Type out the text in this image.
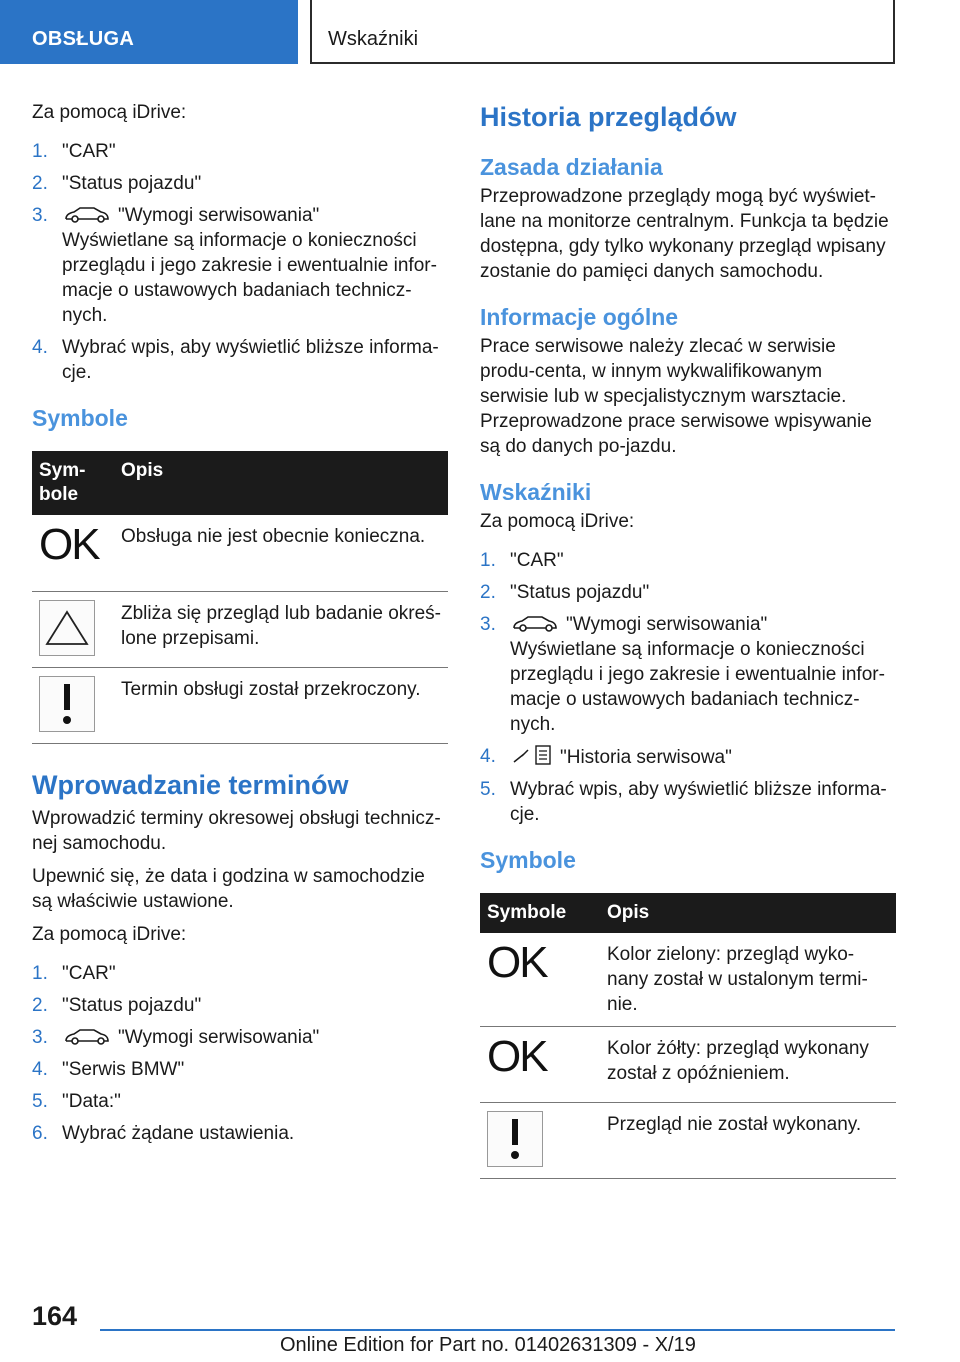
OBSŁUGA	Wskaźniki

Za pomocą iDrive:

1. "CAR"
2. "Status pojazdu"
3.	"Wymogi serwisowania"
Wyświetlane są informacje o konieczności przeglądu i jego zakresie i ewentualnie infor-macje o ustawowych badaniach technicz-nych.
4. Wybrać wpis, aby wyświetlić bliższe informa-cje.
Symbole
Sym-bole	Opis

OK	Obsługa nie jest obecnie konieczna.

	Zbliża się przegląd lub badanie okreś-lone przepisami.

	Termin obsługi został przekroczony.
Wprowadzanie terminów

Wprowadzić terminy okresowej obsługi technicz-nej samochodu.

Upewnić się, że data i godzina w samochodzie są właściwie ustawione.

Za pomocą iDrive:

1. "CAR"
2. "Status pojazdu"
3.	"Wymogi serwisowania"
4. "Serwis BMW"
5. "Data:"
6. Wybrać żądane ustawienia.
Historia przeglądów
Zasada działania

Przeprowadzone przeglądy mogą być wyświet-lane na monitorze centralnym. Funkcja ta będzie dostępna, gdy tylko wykonany przegląd wpisany zostanie do pamięci danych samochodu.

Informacje ogólne

Prace serwisowe należy zlecać w serwisie produ-centa, w innym wykwalifikowanym serwisie lub w specjalistycznym warsztacie. Przeprowadzone prace serwisowe wpisywanie są do danych po-jazdu.

Wskaźniki

Za pomocą iDrive:

1. "CAR"
2. "Status pojazdu"
3.	"Wymogi serwisowania"
Wyświetlane są informacje o konieczności przeglądu i jego zakresie i ewentualnie infor-macje o ustawowych badaniach technicz-nych.
4.	"Historia serwisowa"
5. Wybrać wpis, aby wyświetlić bliższe informa-cje.
Symbole
Symbole	Opis

OK	Kolor zielony: przegląd wyko-nany został w ustalonym termi-nie.

OK	Kolor żółty: przegląd wykonany został z opóźnieniem.

	Przegląd nie został wykonany.
164
Online Edition for Part no. 01402631309 - X/19
